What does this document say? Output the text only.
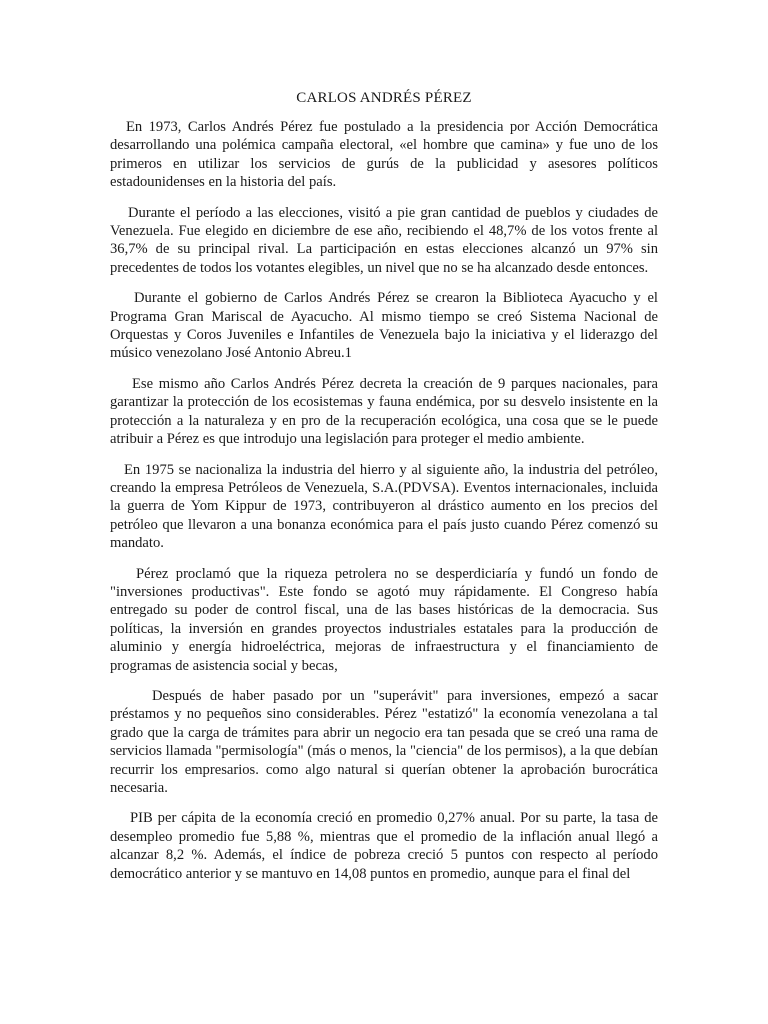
CARLOS ANDRÉS PÉREZ

En 1973, Carlos Andrés Pérez fue postulado a la presidencia por Acción Democrática desarrollando una polémica campaña electoral, «el hombre que camina» y fue uno de los primeros en utilizar los servicios de gurús de la publicidad y asesores políticos estadounidenses en la historia del país.

Durante el período a las elecciones, visitó a pie gran cantidad de pueblos y ciudades de Venezuela. Fue elegido en diciembre de ese año, recibiendo el 48,7% de los votos frente al 36,7% de su principal rival. La participación en estas elecciones alcanzó un 97% sin precedentes de todos los votantes elegibles, un nivel que no se ha alcanzado desde entonces.

Durante el gobierno de Carlos Andrés Pérez se crearon la Biblioteca Ayacucho y el Programa Gran Mariscal de Ayacucho. Al mismo tiempo se creó Sistema Nacional de Orquestas y Coros Juveniles e Infantiles de Venezuela bajo la iniciativa y el liderazgo del músico venezolano José Antonio Abreu.1

Ese mismo año Carlos Andrés Pérez decreta la creación de 9 parques nacionales, para garantizar la protección de los ecosistemas y fauna endémica, por su desvelo insistente en la protección a la naturaleza y en pro de la recuperación ecológica, una cosa que se le puede atribuir a Pérez es que introdujo una legislación para proteger el medio ambiente.

En 1975 se nacionaliza la industria del hierro y al siguiente año, la industria del petróleo, creando la empresa Petróleos de Venezuela, S.A.(PDVSA). Eventos internacionales, incluida la guerra de Yom Kippur de 1973, contribuyeron al drástico aumento en los precios del petróleo que llevaron a una bonanza económica para el país justo cuando Pérez comenzó su mandato.

Pérez proclamó que la riqueza petrolera no se desperdiciaría y fundó un fondo de "inversiones productivas". Este fondo se agotó muy rápidamente. El Congreso había entregado su poder de control fiscal, una de las bases históricas de la democracia. Sus políticas, la inversión en grandes proyectos industriales estatales para la producción de aluminio y energía hidroeléctrica, mejoras de infraestructura y el financiamiento de programas de asistencia social y becas,

Después de haber pasado por un "superávit" para inversiones, empezó a sacar préstamos y no pequeños sino considerables. Pérez "estatizó" la economía venezolana a tal grado que la carga de trámites para abrir un negocio era tan pesada que se creó una rama de servicios llamada "permisología" (más o menos, la "ciencia" de los permisos), a la que debían recurrir los empresarios. como algo natural si querían obtener la aprobación burocrática necesaria.

PIB per cápita de la economía creció en promedio 0,27% anual. Por su parte, la tasa de desempleo promedio fue 5,88 %, mientras que el promedio de la inflación anual llegó a alcanzar 8,2 %. Además, el índice de pobreza creció 5 puntos con respecto al período democrático anterior y se mantuvo en 14,08 puntos en promedio, aunque para el final del
